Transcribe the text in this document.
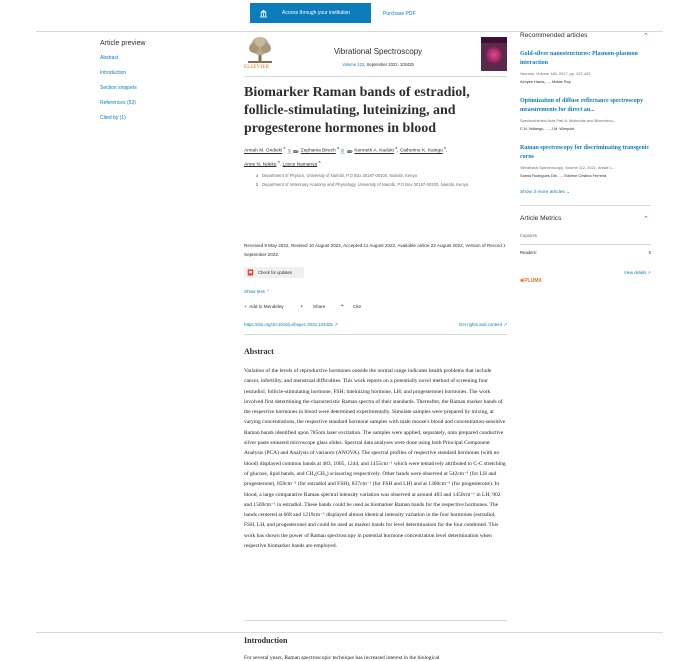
Access through your institution	Purchase PDF
Article preview
Abstract
Introduction
Section snippets
References (53)
Cited by (1)
ELSEVIER
Vibrational Spectroscopy
Volume 122, September 2022, 103425
Biomarker Raman bands of estradiol, follicle-stimulating, luteinizing, and progesterone hormones in blood
Annah M. Ondieki $^a$  , Zephania Birech $^a$  , Kenneth A. Kaduki $^a$, Catherine K. Kaingu $^b$,
Anne N. Ndeke $^b$, Loyce Namanya $^a$
a Department of Physics, University of Nairobi, P.O Box 30197-00100, Nairobi, Kenya
b Department of Veterinary Anatomy and Physiology, University of Nairobi, P.O Box 30197-00100, Nairobi, Kenya
Received 9 May 2022, Revised 10 August 2022, Accepted 11 August 2022, Available online 22 August 2022, Version of Record 1 September 2022.
Check for updates
Show less ⌃
+  Add to Mendeley	⚬ Share	❝ Cite
https://doi.org/10.1016/j.vibspec.2022.103425 ↗	Get rights and content ↗
Abstract

Variation of the levels of reproductive hormones outside the normal range indicates health problems that include cancer, infertility, and menstrual difficulties. This work reports on a potentially novel method of screening four (estradiol, follicle-stimulating hormone, FSH; luteinizing hormone, LH; and progesterone) hormones. The work involved first determining the characteristic Raman spectra of their standards. Thereafter, the Raman marker bands of the respective hormones in blood were determined experimentally. Simulate samples were prepared by mixing, at varying concentrations, the respective standard hormone samples with male mouse's blood and concentration-sensitive Raman bands identified upon 785nm laser excitation. The samples were applied, separately, onto prepared conductive silver paste smeared microscope glass slides. Spectral data analyses were done using both Principal Component Analysis (PCA) and Analysis of variance (ANOVA). The spectral profiles of respective standard hormones (with no blood) displayed common bands at 483, 1005, 1244, and 1455cm⁻¹ which were tentatively attributed to C-C stretching of glucose, lipid bands, and CH₂(CH₃) scissoring respectively. Other bands were observed at 542cm⁻¹ (for LH and progesterone), 859cm⁻¹ (for estradiol and FSH), 837cm⁻¹ (for FSH and LH) and at 1360cm⁻¹ (for progesterone). In blood, a large comparative Raman spectral intensity variation was observed at around 483 and 1450cm⁻¹ in LH; 902 and 1569cm⁻¹ in estradiol. These bands could be used as biomarker Raman bands for the respective hormones. The bands centered at 668 and 1219cm⁻¹ displayed almost identical intensity variation in the four hormones (estradiol, FSH, LH, and progesterone) and could be used as marker bands for level determination for the four combined. This work has shown the power of Raman spectroscopy in potential hormone concentration level determination when respective biomarker bands are employed.

Introduction

For several years, Raman spectroscopic technique has increased interest in the biological

Recommended articles	⌃
Gold-silver nanostructures: Plasmon-plasmon interaction
Vacuum, Volume 146, 2017, pp. 437-443
Almyee Hazra, ..., Motlar Roy
Optimization of diffuse reflectance spectroscopy measurements for direct an...
Spectrochimica Acta Part A: Molecular and Biomolecu...
C.N. Ndlangu, ..., J.M. Wimpoki
Raman spectroscopy for discriminating transgenic corns
Vibrational Spectroscopy, Volume 112, 2021, Article 1...
Samia Rodrigues Dib, ..., Edilene Cristina Ferreira
Show 3 more articles ⌄
Article Metrics	⌃
Captures
Readers:	5
❀PLUMX
View details ↗
